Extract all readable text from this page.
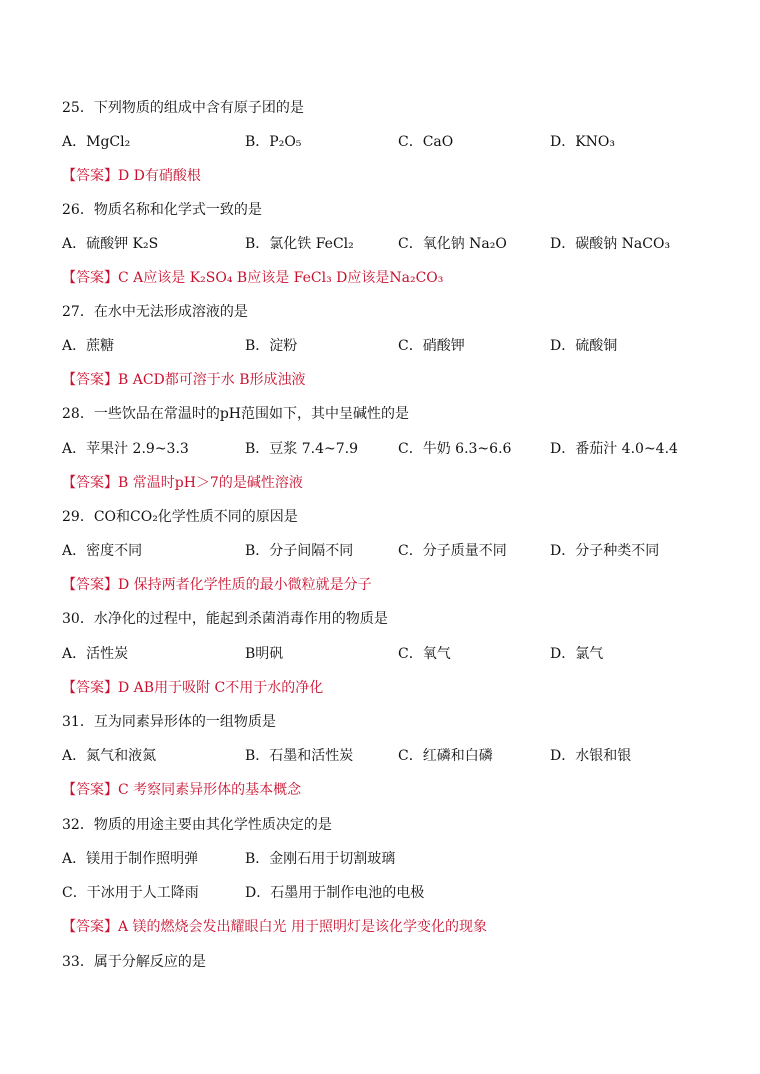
25．下列物质的组成中含有原子团的是
A．MgCl₂	B．P₂O₅	C．CaO	D．KNO₃
【答案】D D有硝酸根
26．物质名称和化学式一致的是
A．硫酸钾 K₂S	B．氯化铁 FeCl₂	C．氧化钠 Na₂O	D．碳酸钠 NaCO₃
【答案】C A应该是 K₂SO₄ B应该是 FeCl₃ D应该是Na₂CO₃
27．在水中无法形成溶液的是
A．蔗糖	B．淀粉	C．硝酸钾	D．硫酸铜
【答案】B ACD都可溶于水 B形成浊液
28．一些饮品在常温时的pH范围如下，其中呈碱性的是
A．苹果汁 2.9~3.3	B．豆浆 7.4~7.9	C．牛奶 6.3~6.6	D．番茄汁 4.0~4.4
【答案】B 常温时pH＞7的是碱性溶液
29．CO和CO₂化学性质不同的原因是
A．密度不同	B．分子间隔不同	C．分子质量不同	D．分子种类不同
【答案】D 保持两者化学性质的最小微粒就是分子
30．水净化的过程中，能起到杀菌消毒作用的物质是
A．活性炭	B明矾	C．氧气	D．氯气
【答案】D AB用于吸附 C不用于水的净化
31．互为同素异形体的一组物质是
A．氮气和液氮	B．石墨和活性炭	C．红磷和白磷	D．水银和银
【答案】C 考察同素异形体的基本概念
32．物质的用途主要由其化学性质决定的是
A．镁用于制作照明弹	B．金刚石用于切割玻璃
C．干冰用于人工降雨	D．石墨用于制作电池的电极
【答案】A 镁的燃烧会发出耀眼白光 用于照明灯是该化学变化的现象
33．属于分解反应的是
